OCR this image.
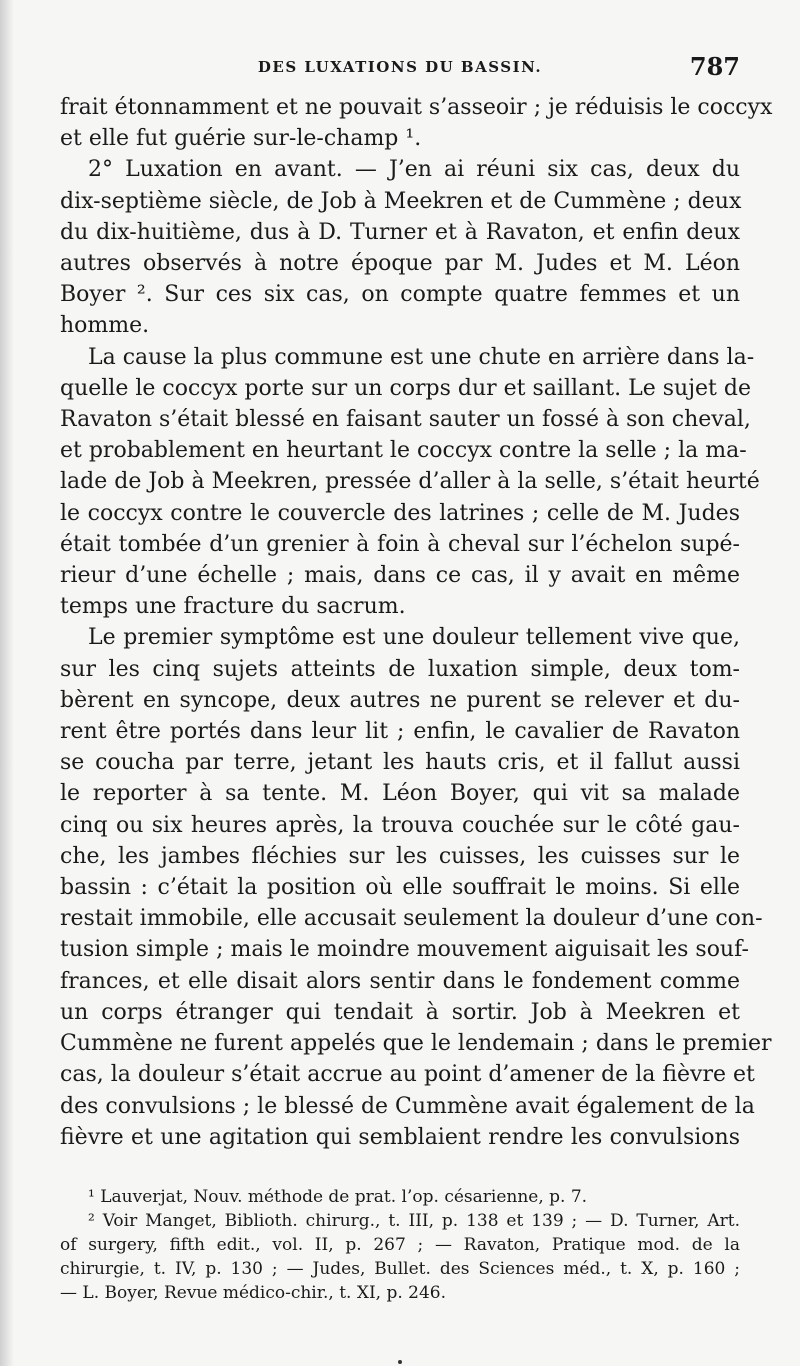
DES LUXATIONS DU BASSIN.	787
frait étonnamment et ne pouvait s’asseoir ; je réduisis le coccyx
et elle fut guérie sur-le-champ ¹.
2° Luxation en avant. — J’en ai réuni six cas, deux du
dix-septième siècle, de Job à Meekren et de Cummène ; deux
du dix-huitième, dus à D. Turner et à Ravaton, et enfin deux
autres observés à notre époque par M. Judes et M. Léon
Boyer ². Sur ces six cas, on compte quatre femmes et un
homme.
La cause la plus commune est une chute en arrière dans la-
quelle le coccyx porte sur un corps dur et saillant. Le sujet de
Ravaton s’était blessé en faisant sauter un fossé à son cheval,
et probablement en heurtant le coccyx contre la selle ; la ma-
lade de Job à Meekren, pressée d’aller à la selle, s’était heurté
le coccyx contre le couvercle des latrines ; celle de M. Judes
était tombée d’un grenier à foin à cheval sur l’échelon supé-
rieur d’une échelle ; mais, dans ce cas, il y avait en même
temps une fracture du sacrum.
Le premier symptôme est une douleur tellement vive que,
sur les cinq sujets atteints de luxation simple, deux tom-
bèrent en syncope, deux autres ne purent se relever et du-
rent être portés dans leur lit ; enfin, le cavalier de Ravaton
se coucha par terre, jetant les hauts cris, et il fallut aussi
le reporter à sa tente. M. Léon Boyer, qui vit sa malade
cinq ou six heures après, la trouva couchée sur le côté gau-
che, les jambes fléchies sur les cuisses, les cuisses sur le
bassin : c’était la position où elle souffrait le moins. Si elle
restait immobile, elle accusait seulement la douleur d’une con-
tusion simple ; mais le moindre mouvement aiguisait les souf-
frances, et elle disait alors sentir dans le fondement comme
un corps étranger qui tendait à sortir. Job à Meekren et
Cummène ne furent appelés que le lendemain ; dans le premier
cas, la douleur s’était accrue au point d’amener de la fièvre et
des convulsions ; le blessé de Cummène avait également de la
fièvre et une agitation qui semblaient rendre les convulsions
¹ Lauverjat, Nouv. méthode de prat. l’op. césarienne, p. 7.
² Voir Manget, Biblioth. chirurg., t. III, p. 138 et 139 ; — D. Turner, Art.
of surgery, fifth edit., vol. II, p. 267 ; — Ravaton, Pratique mod. de la
chirurgie, t. IV, p. 130 ; — Judes, Bullet. des Sciences méd., t. X, p. 160 ;
— L. Boyer, Revue médico-chir., t. XI, p. 246.
